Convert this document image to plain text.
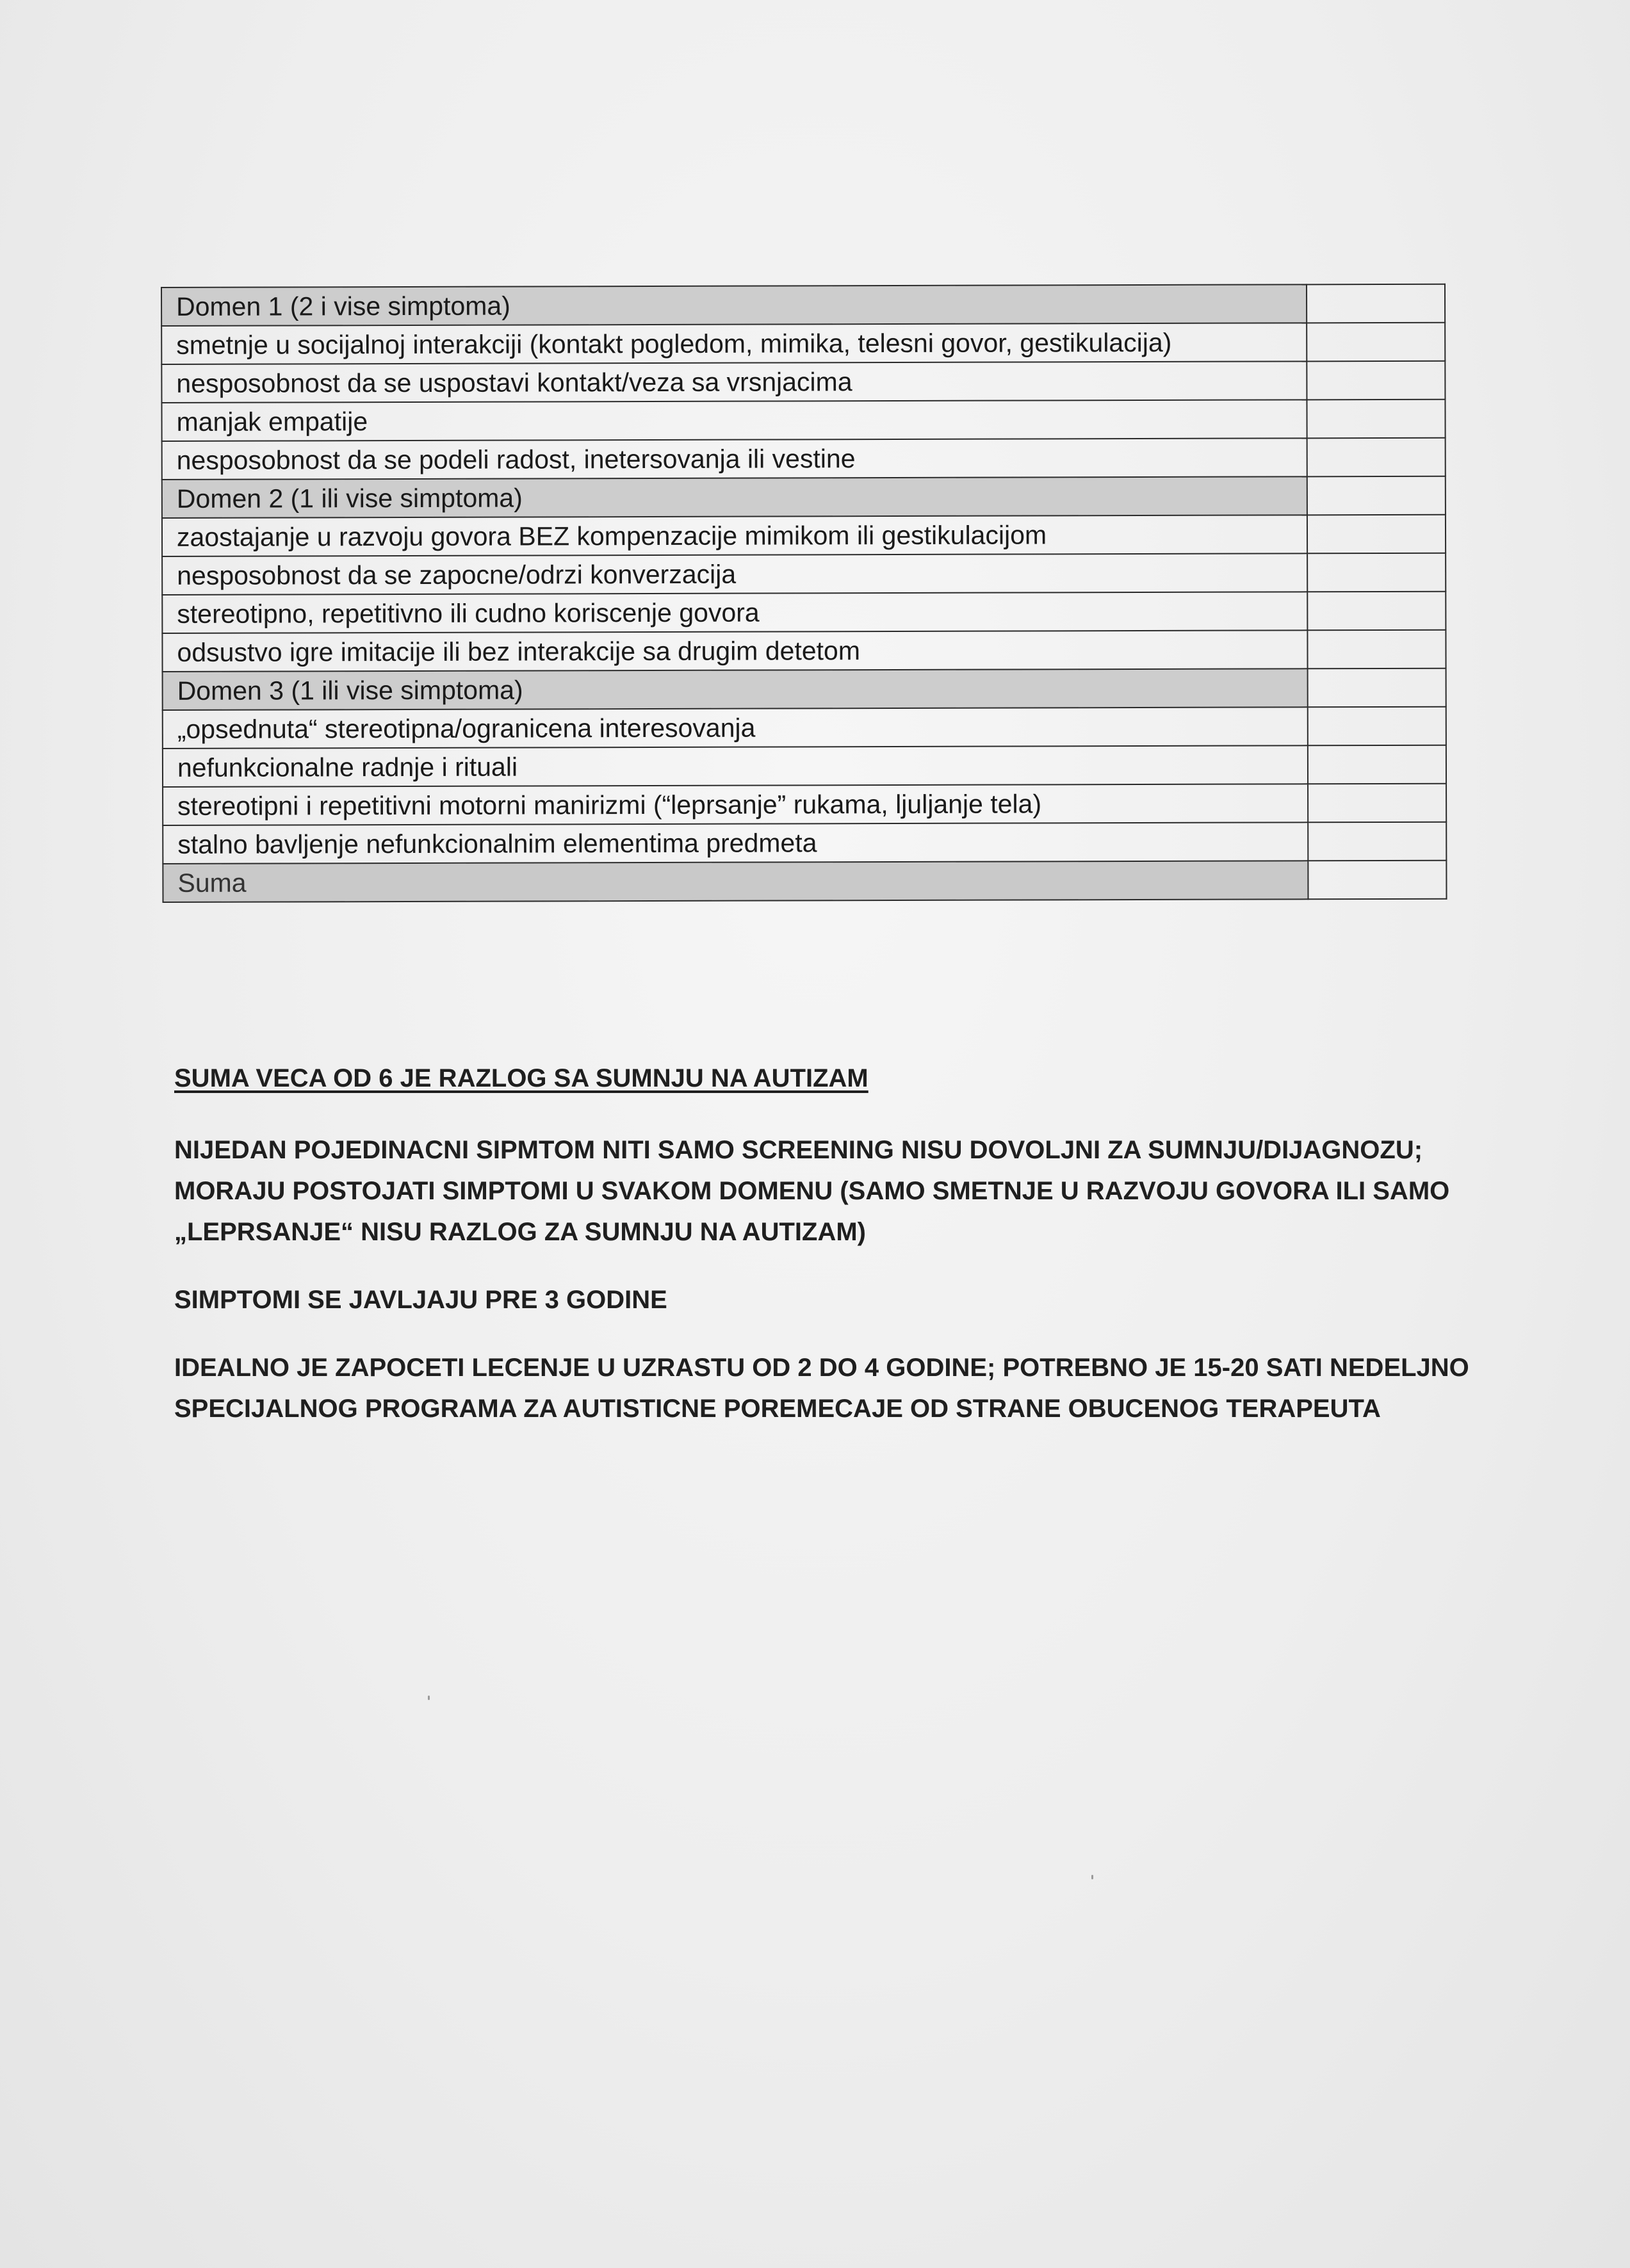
Domen 1 (2 i vise simptoma)	
smetnje u socijalnoj interakciji (kontakt pogledom, mimika, telesni govor, gestikulacija)	
nesposobnost da se uspostavi kontakt/veza sa vrsnjacima	
manjak empatije	
nesposobnost da se podeli radost, inetersovanja ili vestine	
Domen 2 (1 ili vise simptoma)	
zaostajanje u razvoju govora BEZ kompenzacije mimikom ili gestikulacijom	
nesposobnost da se zapocne/odrzi konverzacija	
stereotipno, repetitivno ili cudno koriscenje govora	
odsustvo igre imitacije ili bez interakcije sa drugim detetom	
Domen 3 (1 ili vise simptoma)	
„opsednuta“ stereotipna/ogranicena interesovanja	
nefunkcionalne radnje i rituali	
stereotipni i repetitivni motorni manirizmi (“leprsanje” rukama, ljuljanje tela)	
stalno bavljenje nefunkcionalnim elementima predmeta	
Suma	

SUMA VECA OD 6 JE RAZLOG SA SUMNJU NA AUTIZAM

NIJEDAN POJEDINACNI SIPMTOM NITI SAMO SCREENING NISU DOVOLJNI ZA SUMNJU/DIJAGNOZU; MORAJU POSTOJATI SIMPTOMI U SVAKOM DOMENU (SAMO SMETNJE U RAZVOJU GOVORA ILI SAMO „LEPRSANJE“ NISU RAZLOG ZA SUMNJU NA AUTIZAM)

SIMPTOMI SE JAVLJAJU PRE 3 GODINE

IDEALNO JE ZAPOCETI LECENJE U UZRASTU OD 2 DO 4 GODINE; POTREBNO JE 15-20 SATI NEDELJNO SPECIJALNOG PROGRAMA ZA AUTISTICNE POREMECAJE OD STRANE OBUCENOG TERAPEUTA
